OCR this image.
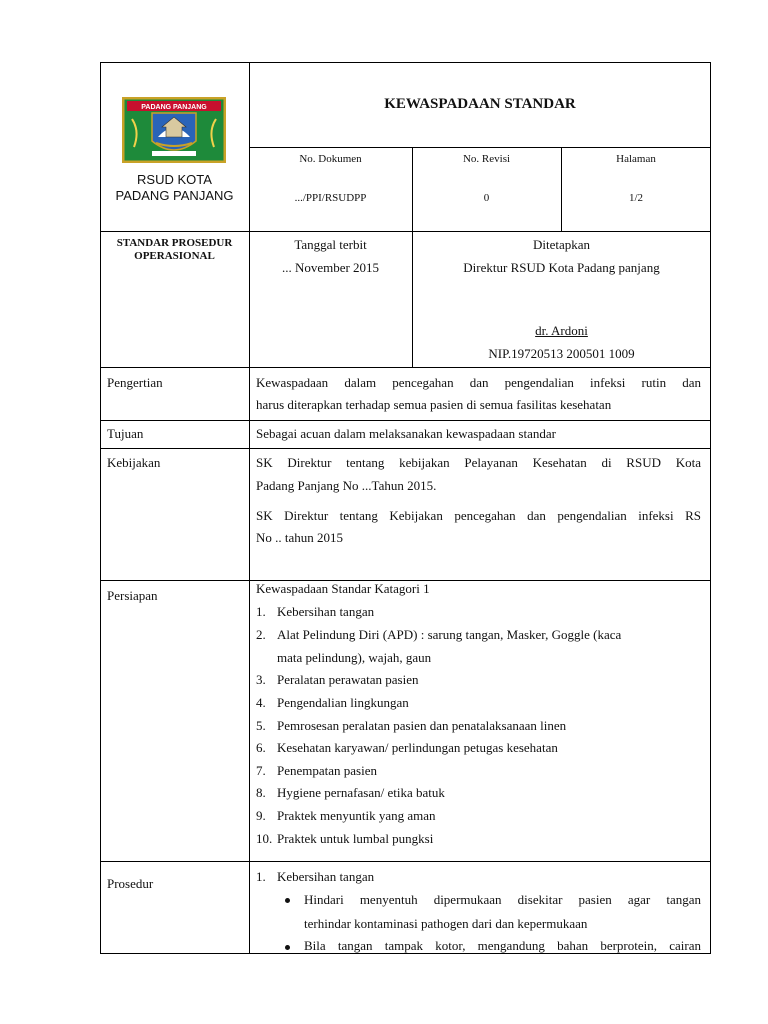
PADANG PANJANG
RSUD KOTA
PADANG PANJANG
KEWASPADAAN STANDAR
No. Dokumen
.../PPI/RSUDPP
No. Revisi
0
Halaman
1/2
STANDAR PROSEDUR
OPERASIONAL
Tanggal terbit
... November 2015
Ditetapkan
Direktur RSUD Kota Padang panjang
dr. Ardoni
NIP.19720513 200501 1009
Pengertian	Kewaspadaan dalam pencegahan dan pengendalian infeksi rutin dan
harus diterapkan terhadap semua pasien di semua fasilitas kesehatan
Tujuan	Sebagai acuan dalam melaksanakan kewaspadaan standar
Kebijakan	SK Direktur tentang kebijakan Pelayanan Kesehatan di RSUD Kota
Padang Panjang No ...Tahun 2015.
SK Direktur tentang Kebijakan pencegahan dan pengendalian infeksi RS
No .. tahun 2015
Persiapan	Kewaspadaan Standar Katagori 1
1. Kebersihan tangan
2. Alat Pelindung Diri (APD) : sarung tangan, Masker, Goggle (kaca
mata pelindung), wajah, gaun
3. Peralatan perawatan pasien
4. Pengendalian lingkungan
5. Pemrosesan peralatan pasien dan penatalaksanaan linen
6. Kesehatan karyawan/ perlindungan petugas kesehatan
7. Penempatan pasien
8. Hygiene pernafasan/ etika batuk
9. Praktek menyuntik yang aman
10. Praktek untuk lumbal pungksi
Prosedur	1. Kebersihan tangan
Hindari menyentuh dipermukaan disekitar pasien agar tangan
terhindar kontaminasi pathogen dari dan kepermukaan
Bila tangan tampak kotor, mengandung bahan berprotein, cairan
